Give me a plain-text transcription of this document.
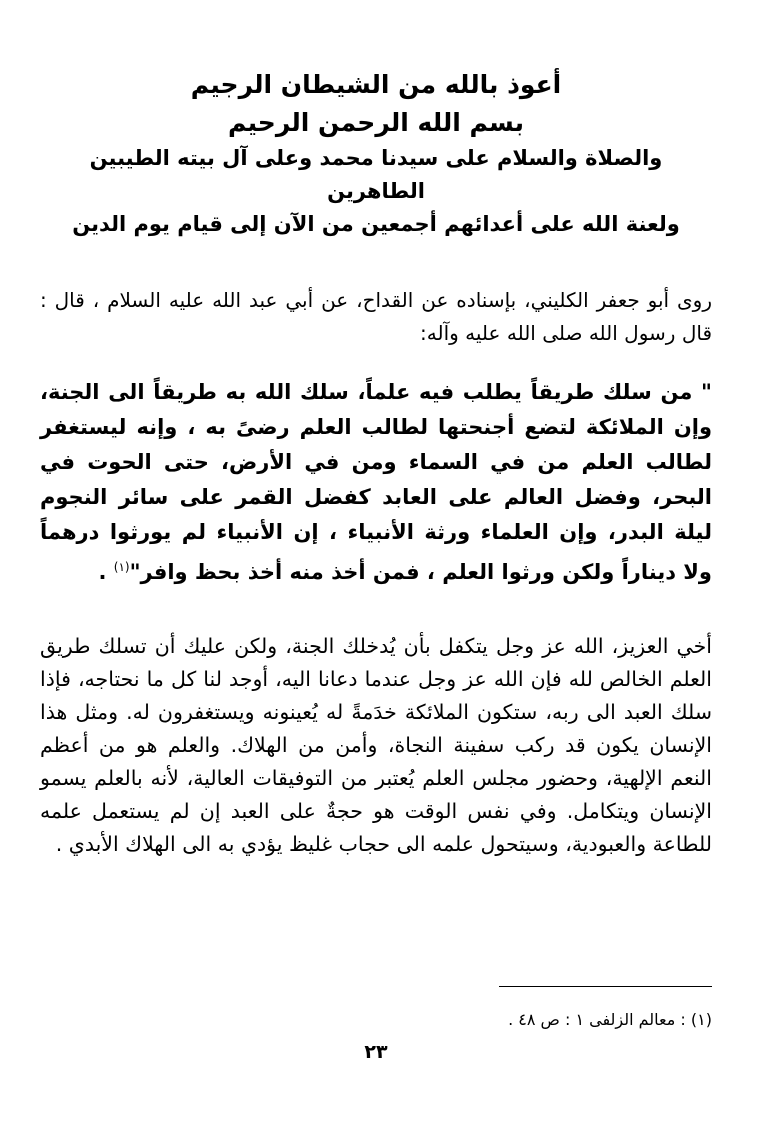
أعوذ بالله من الشيطان الرجيم
بسم الله الرحمن الرحيم
والصلاة والسلام على سيدنا محمد وعلى آل بيته الطيبين الطاهرين
ولعنة الله على أعدائهم أجمعين من الآن إلى قيام يوم الدين

روى أبو جعفر الكليني، بإسناده عن القداح، عن أبي عبد الله عليه السلام ، قال : قال رسول الله صلى الله عليه وآله:

" من سلك طريقاً يطلب فيه علماً، سلك الله به طريقاً الى الجنة، وإن الملائكة لتضع أجنحتها لطالب العلم رضىً به ، وإنه ليستغفر لطالب العلم من في السماء ومن في الأرض، حتى الحوت في البحر، وفضل العالم على العابد كفضل القمر على سائر النجوم ليلة البدر، وإن العلماء ورثة الأنبياء ، إن الأنبياء لم يورثوا درهماً ولا ديناراً ولكن ورثوا العلم ، فمن أخذ منه أخذ بحظ وافر"$^{(١)}$ .

أخي العزيز، الله عز وجل يتكفل بأن يُدخلك الجنة، ولكن عليك أن تسلك طريق العلم الخالص لله فإن الله عز وجل عندما دعانا اليه، أوجد لنا كل ما نحتاجه، فإذا سلك العبد الى ربه، ستكون الملائكة خدَمةً له يُعينونه ويستغفرون له. ومثل هذا الإنسان يكون قد ركب سفينة النجاة، وأمن من الهلاك. والعلم هو من أعظم النعم الإلهية، وحضور مجلس العلم يُعتبر من التوفيقات العالية، لأنه بالعلم يسمو الإنسان ويتكامل. وفي نفس الوقت هو حجةٌ على العبد إن لم يستعمل علمه للطاعة والعبودية، وسيتحول علمه الى حجاب غليظ يؤدي به الى الهلاك الأبدي .

(١) : معالم الزلفى ١ : ص ٤٨ .
٢٣
